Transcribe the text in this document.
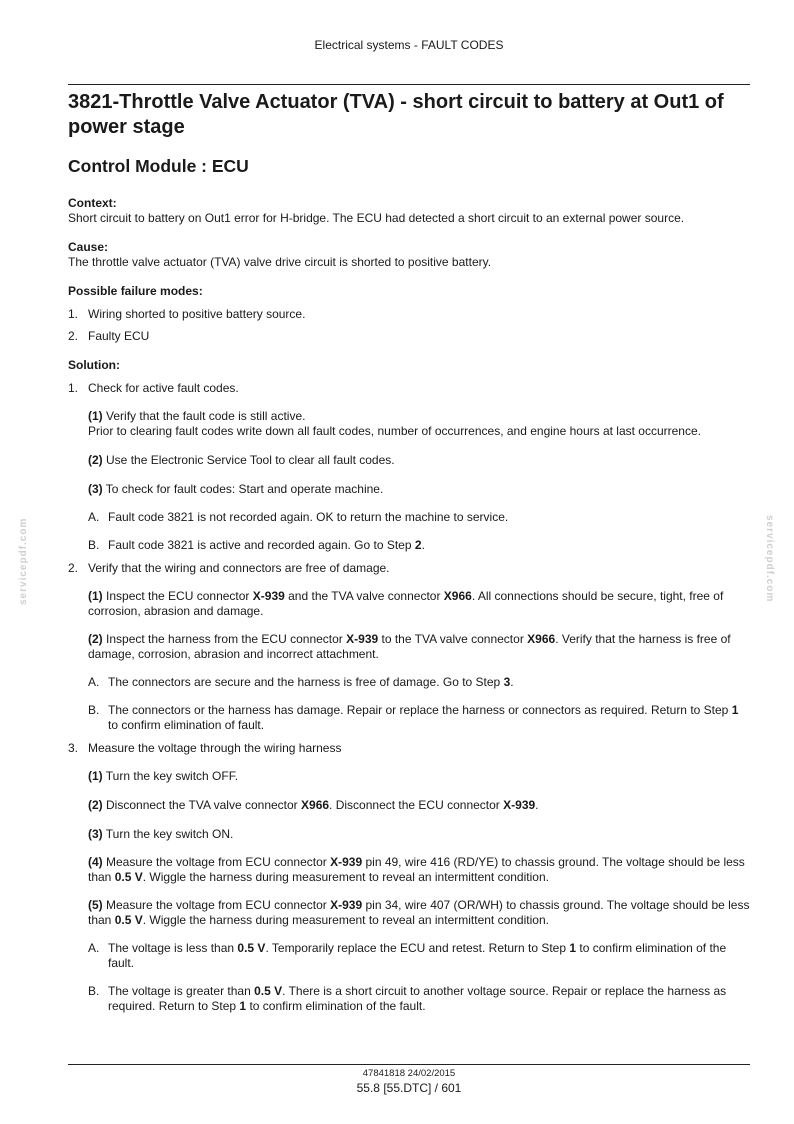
servicepdf.com	servicepdf.com
Electrical systems - FAULT CODES
3821-Throttle Valve Actuator (TVA) - short circuit to battery at Out1 of power stage
Control Module : ECU
Context:
Short circuit to battery on Out1 error for H-bridge. The ECU had detected a short circuit to an external power source.
Cause:
The throttle valve actuator (TVA) valve drive circuit is shorted to positive battery.
Possible failure modes:
1. Wiring shorted to positive battery source.
2. Faulty ECU
Solution:
1. Check for active fault codes.
(1) Verify that the fault code is still active.
Prior to clearing fault codes write down all fault codes, number of occurrences, and engine hours at last occurrence.
(2) Use the Electronic Service Tool to clear all fault codes.
(3) To check for fault codes: Start and operate machine.
A. Fault code 3821 is not recorded again. OK to return the machine to service.
B. Fault code 3821 is active and recorded again. Go to Step 2.
2. Verify that the wiring and connectors are free of damage.
(1) Inspect the ECU connector X-939 and the TVA valve connector X966. All connections should be secure, tight, free of corrosion, abrasion and damage.
(2) Inspect the harness from the ECU connector X-939 to the TVA valve connector X966. Verify that the harness is free of damage, corrosion, abrasion and incorrect attachment.
A. The connectors are secure and the harness is free of damage. Go to Step 3.
B. The connectors or the harness has damage. Repair or replace the harness or connectors as required. Return to Step 1 to confirm elimination of fault.
3. Measure the voltage through the wiring harness
(1) Turn the key switch OFF.
(2) Disconnect the TVA valve connector X966. Disconnect the ECU connector X-939.
(3) Turn the key switch ON.
(4) Measure the voltage from ECU connector X-939 pin 49, wire 416 (RD/YE) to chassis ground. The voltage should be less than 0.5 V. Wiggle the harness during measurement to reveal an intermittent condition.
(5) Measure the voltage from ECU connector X-939 pin 34, wire 407 (OR/WH) to chassis ground. The voltage should be less than 0.5 V. Wiggle the harness during measurement to reveal an intermittent condition.
A. The voltage is less than 0.5 V. Temporarily replace the ECU and retest. Return to Step 1 to confirm elimination of the fault.
B. The voltage is greater than 0.5 V. There is a short circuit to another voltage source. Repair or replace the harness as required. Return to Step 1 to confirm elimination of the fault.
47841818 24/02/2015
55.8 [55.DTC] / 601
